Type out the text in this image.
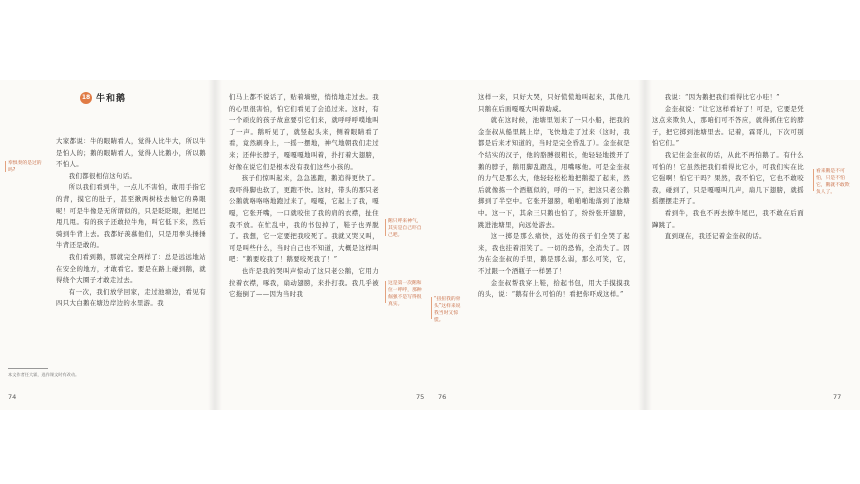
18 牛和鹅

大家都说：牛的眼睛看人，觉得人比牛大，所以牛是怕人的；鹅的眼睛看人，觉得人比鹅小，所以鹅不怕人。

我们都很相信这句话。

所以我们看到牛，一点儿不害怕，敢用手指它的背，摸它的肚子，甚至揪两树枝去触它的鼻眼呢！可是牛像是无所谓似的，只是眨眨眼，把尾巴甩几甩。有的孩子还敢拉牛角，叫它低下来，然后骑到牛背上去。我都好羡慕他们，只是用拳头捶捶牛背还是敢的。

我们看到鹅，那就完全两样了：总是远远地站在安全的地方，才敢看它。要是在路上碰到鹅，就得绕个大圈子才敢走过去。

有一次，我们放学回家，走过池塘边，看见有四只大白鹅在塘边岸边的水里游。我

奉惧奏的是过的吗?
本文作者任大霖，选作课文时有改动。
74

们马上都不说话了，贴着墙壁，悄悄地走过去。我的心里很害怕，怕它们看见了会追过来。这时，有一个顽皮的孩子故意要引它们来，就呼呼呼噗地叫了一声。鹅听见了，就竖起头来，侧着眼睛看了看，竟然刷身上，一摇一摆地，神气地朝我们走过来；还伸长脖子，嘎嘎嘎地叫着，扑打着大翅膀，好像在说它们是根本没有我们这些小孩的。

孩子们惊叫起来，急急逃跑，鹅追得更快了。我吓得脚也软了，更跑不快。这时，带头的那只老公鹅就咯咯咯地跑过来了，嘎嘎，它起上了我，嘎嘎，它张开嘴，一口就咬住了我的肩的衣襟，扯住我不放。在忙乱中，我的书包掉了，鞋子也弄脱了。我想，它一定要把我咬死了。我就又哭又叫，可是叫些什么，当时自己也不知道，大概是这样叫吧：“鹅要咬我了！鹅要咬死我了！”

也许是我的哭叫声惊动了这只老公鹅，它用力拉着衣襟，啄我，扇动翅膀，来扑打我。我几乎被它拖倒了——因为当时我

鹅只呼来神气，其实是自己吓自己吧。
这是第一次鹅和位一呼呼，那种倔强不是写得很真实。
“扭扭我的骨头”这样来说我当时又惊慌。
75

这样一来，只好大哭，只好慌慌地叫起来，其他几只鹅在后面嘎嘎大叫着助威。

就在这时候，池塘里划来了一只小船，把我的金奎叔从船里跳上岸，飞快地走了过来（这时，我都是后来才知道的，当时是完全昏乱了）。金奎叔是个结实的汉子，他的胳膊很粗长，他轻轻地拨开了鹅的脖子，鹅用脚乱蹬乱，用嘴啄他。可是金奎叔的力气是那么大，他轻轻松松地把鹅提了起来，然后就像拣一个酒瓶似的，呼的一下，把这只老公鹅掷到了半空中。它张开翅膀，啪啪啪地落到了池塘中。这一下，其余三只鹅也怕了，纷纷张开翅膀，跳进池塘里，向远处游去。

这一掷是那么痛快，远处的孩子们全哭了起来，我也挂着泪笑了。一切的恐怖，全消失了。因为在金奎叔的手里，鹅是那么弱，那么可笑，它，不过跟一个酒瓶子一样罢了！

金奎叔帮我穿上鞋，拾起书包，用大手摸摸我的头，说：“鹅有什么可怕的！看把你吓成这样。”

76

我说：“因为鹅把我们看得比它小哇！”

金奎叔说：“让它这样看好了！可是，它要是凭这点来欺负人，那咱们可不答应，就得抓住它的脖子，把它掷到池塘里去。记着，霖哥儿，下次可别怕它们。”

我记住金奎叔的话，从此不再怕鹅了。有什么可怕的！它虽然把我们看得比它小，可我们实在比它强啊！怕它干吗？果然，我不怕它，它也不敢咬我，碰到了，只是嘎嘎叫几声，扇几下翅膀，就摇摇摆摆走开了。

看到牛，我也不再去撩牛尾巴，我不敢在后面蹿跳了。

直到现在，我还记着金奎叔的话。

看来鹅是不可怕，只是不怕它，鹅就不敢欺负人了。
77
